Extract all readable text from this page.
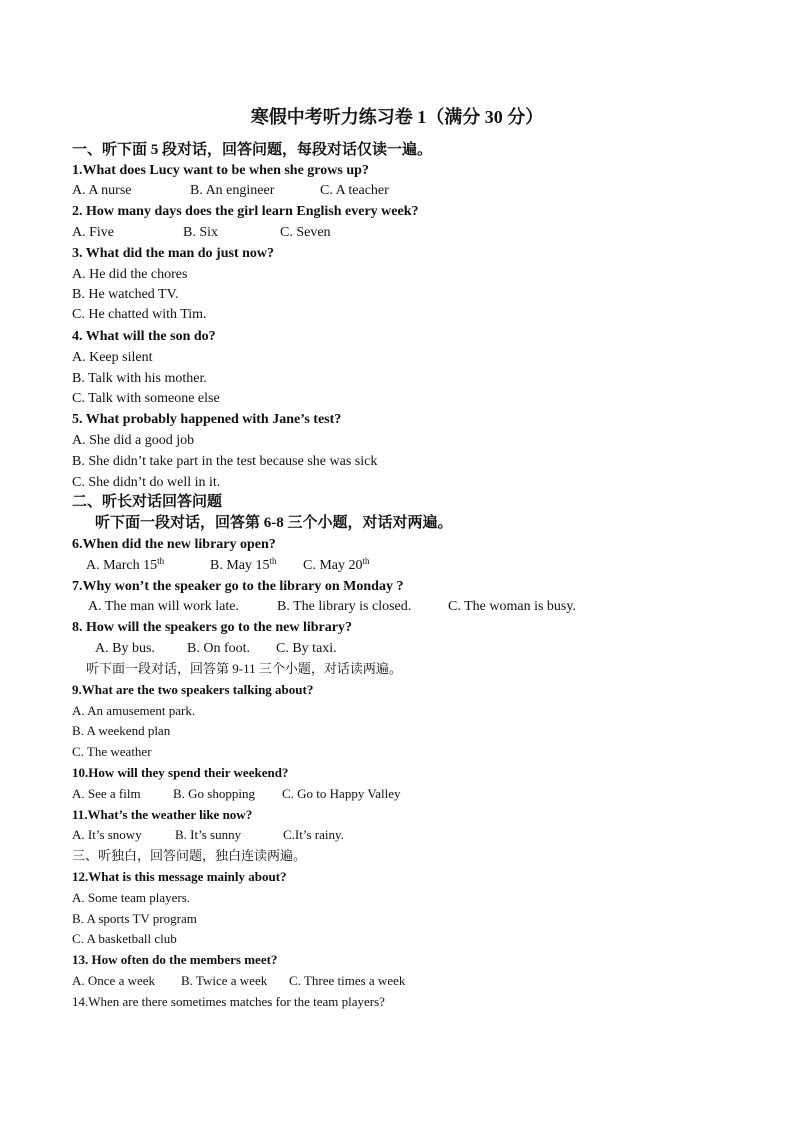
寒假中考听力练习卷 1（满分 30 分）
一、听下面 5 段对话，回答问题，每段对话仅读一遍。
1.What does Lucy want to be when she grows up?
A. A nurse	B. An engineer	C. A teacher
2. How many days does the girl learn English every week?
A. Five	B. Six	C. Seven
3. What did the man do just now?
A. He did the chores
B. He watched TV.
C. He chatted with Tim.
4. What will the son do?
A. Keep silent
B. Talk with his mother.
C. Talk with someone else
5. What probably happened with Jane’s test?
A. She did a good job
B. She didn’t take part in the test because she was sick
C. She didn’t do well in it.
二、听长对话回答问题
听下面一段对话，回答第 6-8 三个小题，对话对两遍。
6.When did the new library open?
A. March 15th	B. May 15th C. May 20th
7.Why won’t the speaker go to the library on Monday ?
A. The man will work late.	B. The library is closed.	C. The woman is busy.
8. How will the speakers go to the new library?
A. By bus. B. On foot. C. By taxi.
听下面一段对话，回答第 9-11 三个小题，对话读两遍。
9.What are the two speakers talking about?
A. An amusement park.
B. A weekend plan
C. The weather
10.How will they spend their weekend?
A. See a film B. Go shopping C. Go to Happy Valley
11.What’s the weather like now?
A. It’s snowy	B. It’s sunny	C.It’s rainy.
三、听独白，回答问题，独白连读两遍。
12.What is this message mainly about?
A. Some team players.
B. A sports TV program
C. A basketball club
13. How often do the members meet?
A. Once a week B. Twice a week C. Three times a week
14.When are there sometimes matches for the team players?
